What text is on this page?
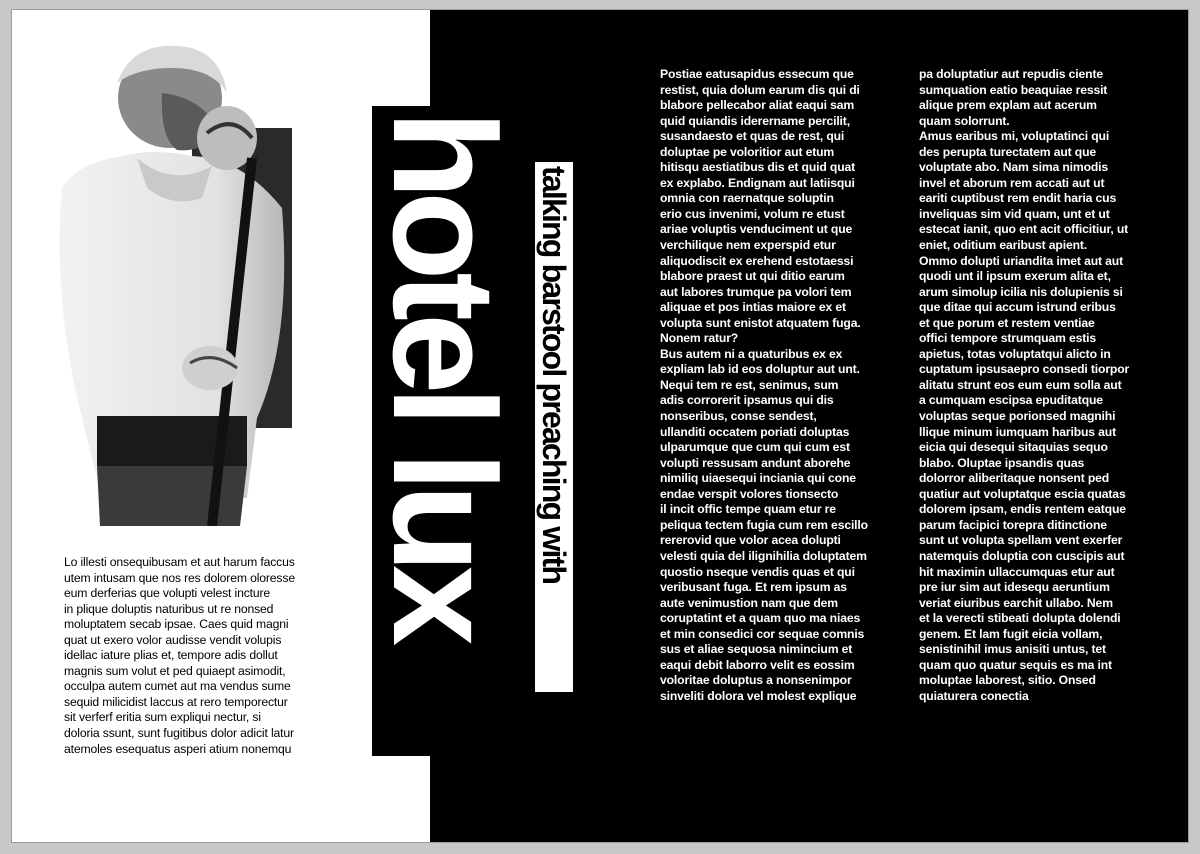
Lo illesti onsequibusam et aut harum faccus
utem intusam que nos res dolorem oloresse
eum derferias que volupti velest incture
in plique doluptis naturibus ut re nonsed
moluptatem secab ipsae. Caes quid magni
quat ut exero volor audisse vendit volupis
idellac iature plias et, tempore adis dollut
magnis sum volut et ped quiaept asimodit,
occulpa autem cumet aut ma vendus sume
sequid milicidist laccus at rero temporectur
sit verferf eritia sum expliqui nectur, si
doloria ssunt, sunt fugitibus dolor adicit latur
atemoles esequatus asperi atium nonemqu
hotel lux talking barstool preaching with
Postiae eatusapidus essecum que
restist, quia dolum earum dis qui di
blabore pellecabor aliat eaqui sam
quid quiandis iderername percilit,
susandaesto et quas de rest, qui
doluptae pe voloritior aut etum
hitisqu aestiatibus dis et quid quat
ex explabo. Endignam aut latiisqui
omnia con raernatque soluptin
erio cus invenimi, volum re etust
ariae voluptis venduciment ut que
verchilique nem experspid etur
aliquodiscit ex erehend estotaessi
blabore praest ut qui ditio earum
aut labores trumque pa volori tem
aliquae et pos intias maiore ex et
volupta sunt enistot atquatem fuga.
Nonem ratur?
Bus autem ni a quaturibus ex ex
expliam lab id eos doluptur aut unt.
Nequi tem re est, senimus, sum
adis corrorerit ipsamus qui dis
nonseribus, conse sendest,
ullanditi occatem poriati doluptas
ulparumque que cum qui cum est
volupti ressusam andunt aborehe
nimiliq uiaesequi inciania qui cone
endae verspit volores tionsecto
il incit offic tempe quam etur re
peliqua tectem fugia cum rem escillo
rererovid que volor acea dolupti
velesti quia del ilignihilia doluptatem
quostio nseque vendis quas et qui
veribusant fuga. Et rem ipsum as
aute venimustion nam que dem
coruptatint et a quam quo ma niaes
et min consedici cor sequae comnis
sus et aliae sequosa nimincium et
eaqui debit laborro velit es eossim
voloritae doluptus a nonsenimpor
sinveliti dolora vel molest explique
pa doluptatiur aut repudis ciente
sumquation eatio beaquiae ressit
alique prem explam aut acerum
quam solorrunt.
Amus earibus mi, voluptatinci qui
des perupta turectatem aut que
voluptate abo. Nam sima nimodis
invel et aborum rem accati aut ut
eariti cuptibust rem endit haria cus
inveliquas sim vid quam, unt et ut
estecat ianit, quo ent acit officitiur, ut
eniet, oditium earibust apient.
Ommo dolupti uriandita imet aut aut
quodi unt il ipsum exerum alita et,
arum simolup icilia nis dolupienis si
que ditae qui accum istrund eribus
et que porum et restem ventiae
offici tempore strumquam estis
apietus, totas voluptatqui alicto in
cuptatum ipsusaepro consedi tiorpor
alitatu strunt eos eum eum solla aut
a cumquam escipsa epuditatque
voluptas seque porionsed magnihi
llique minum iumquam haribus aut
eicia qui desequi sitaquias sequo
blabo. Oluptae ipsandis quas
dolorror aliberitaque nonsent ped
quatiur aut voluptatque escia quatas
dolorem ipsam, endis rentem eatque
parum facipici torepra ditinctione
sunt ut volupta spellam vent exerfer
natemquis doluptia con cuscipis aut
hit maximin ullaccumquas etur aut
pre iur sim aut idesequ aeruntium
veriat eiuribus earchit ullabo. Nem
et la verecti stibeati dolupta dolendi
genem. Et lam fugit eicia vollam,
senistinihil imus anisiti untus, tet
quam quo quatur sequis es ma int
moluptae laborest, sitio. Onsed
quiaturera conectia
